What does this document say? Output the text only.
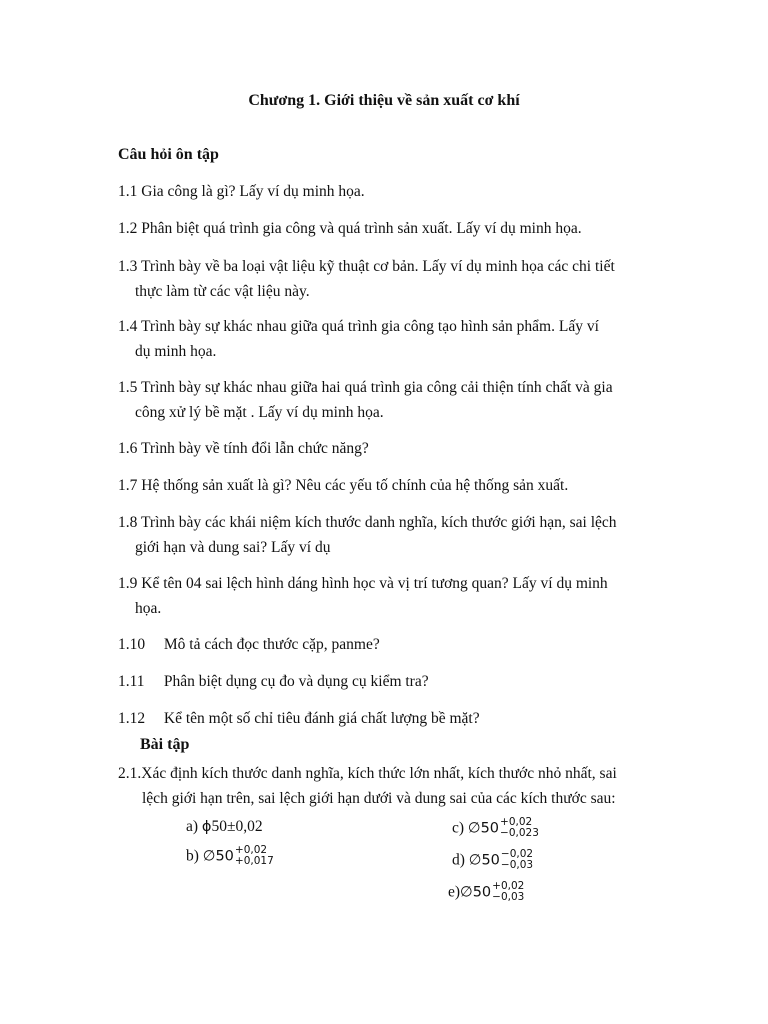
Chương 1. Giới thiệu về sản xuất cơ khí
Câu hỏi ôn tập
1.1 Gia công là gì? Lấy ví dụ minh họa.
1.2 Phân biệt quá trình gia công và quá trình sản xuất. Lấy ví dụ minh họa.
1.3 Trình bày về ba loại vật liệu kỹ thuật cơ bản. Lấy ví dụ minh họa các chi tiết
thực làm từ các vật liệu này.
1.4 Trình bày sự khác nhau giữa quá trình gia công tạo hình sản phẩm. Lấy ví
dụ minh họa.
1.5 Trình bày sự khác nhau giữa hai quá trình gia công cải thiện tính chất và gia
công xử lý bề mặt . Lấy ví dụ minh họa.
1.6 Trình bày về tính đổi lẫn chức năng?
1.7 Hệ thống sản xuất là gì? Nêu các yếu tố chính của hệ thống sản xuất.
1.8 Trình bày các khái niệm kích thước danh nghĩa, kích thước giới hạn, sai lệch
giới hạn và dung sai? Lấy ví dụ
1.9 Kể tên 04 sai lệch hình dáng hình học và vị trí tương quan? Lấy ví dụ minh
họa.
1.10 Mô tả cách đọc thước cặp, panme?
1.11 Phân biệt dụng cụ đo và dụng cụ kiểm tra?
1.12 Kể tên một số chỉ tiêu đánh giá chất lượng bề mặt?
Bài tập
2.1.Xác định kích thước danh nghĩa, kích thức lớn nhất, kích thước nhỏ nhất, sai
lệch giới hạn trên, sai lệch giới hạn dưới và dung sai của các kích thước sau:
a) ϕ50±0,02
b) ∅50 +0,02
+0,017
c) ∅50 +0,02
−0,023
d) ∅50 −0,02
−0,03
e)∅50 +0,02
−0,03
